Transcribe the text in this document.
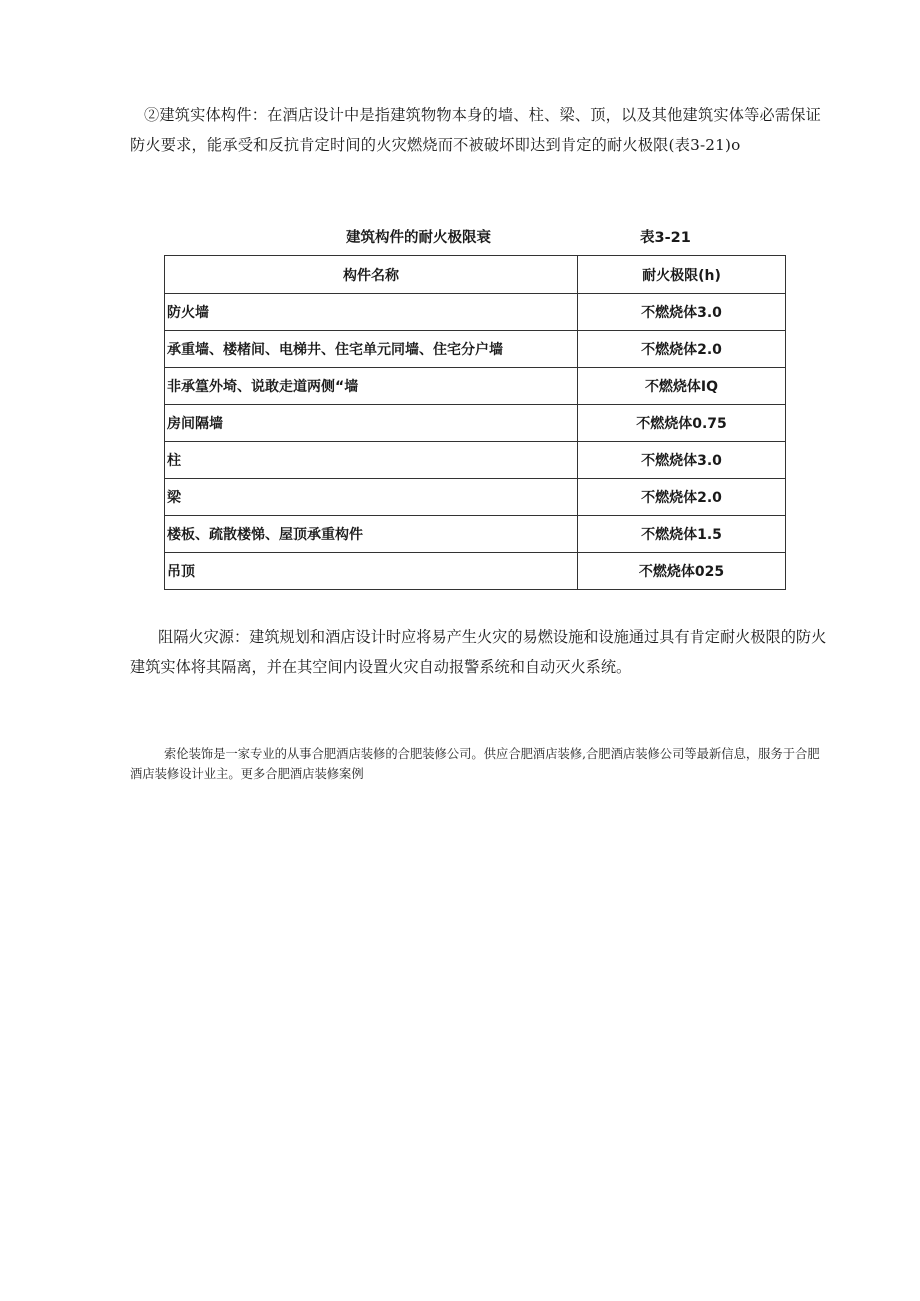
②建筑实体构件：在酒店设计中是指建筑物物本身的墙、柱、梁、顶，以及其他建筑实体等必需保证防火要求，能承受和反抗肯定时间的火灾燃烧而不被破坏即达到肯定的耐火极限(表3-21)o

建筑构件的耐火极限衰	表3-21
构件名称	耐火极限(h)
防火墙	不燃烧体3.0
承重墙、楼楮间、电梯井、住宅单元同墙、住宅分户墙	不燃烧体2.0
非承篁外埼、说敢走道两侧“墙	不燃烧体IQ
房间隔墙	不燃烧体0.75
柱	不燃烧体3.0
梁	不燃烧体2.0
楼板、疏散楼悌、屋顶承重构件	不燃烧体1.5
吊顶	不燃烧体025

阻隔火灾源：建筑规划和酒店设计时应将易产生火灾的易燃设施和设施通过具有肯定耐火极限的防火建筑实体将其隔离，并在其空间内设置火灾自动报警系统和自动灭火系统。

索伦装饰是一家专业的从事合肥酒店装修的合肥装修公司。供应合肥酒店装修,合肥酒店装修公司等最新信息，服务于合肥酒店装修设计业主。更多合肥酒店装修案例
